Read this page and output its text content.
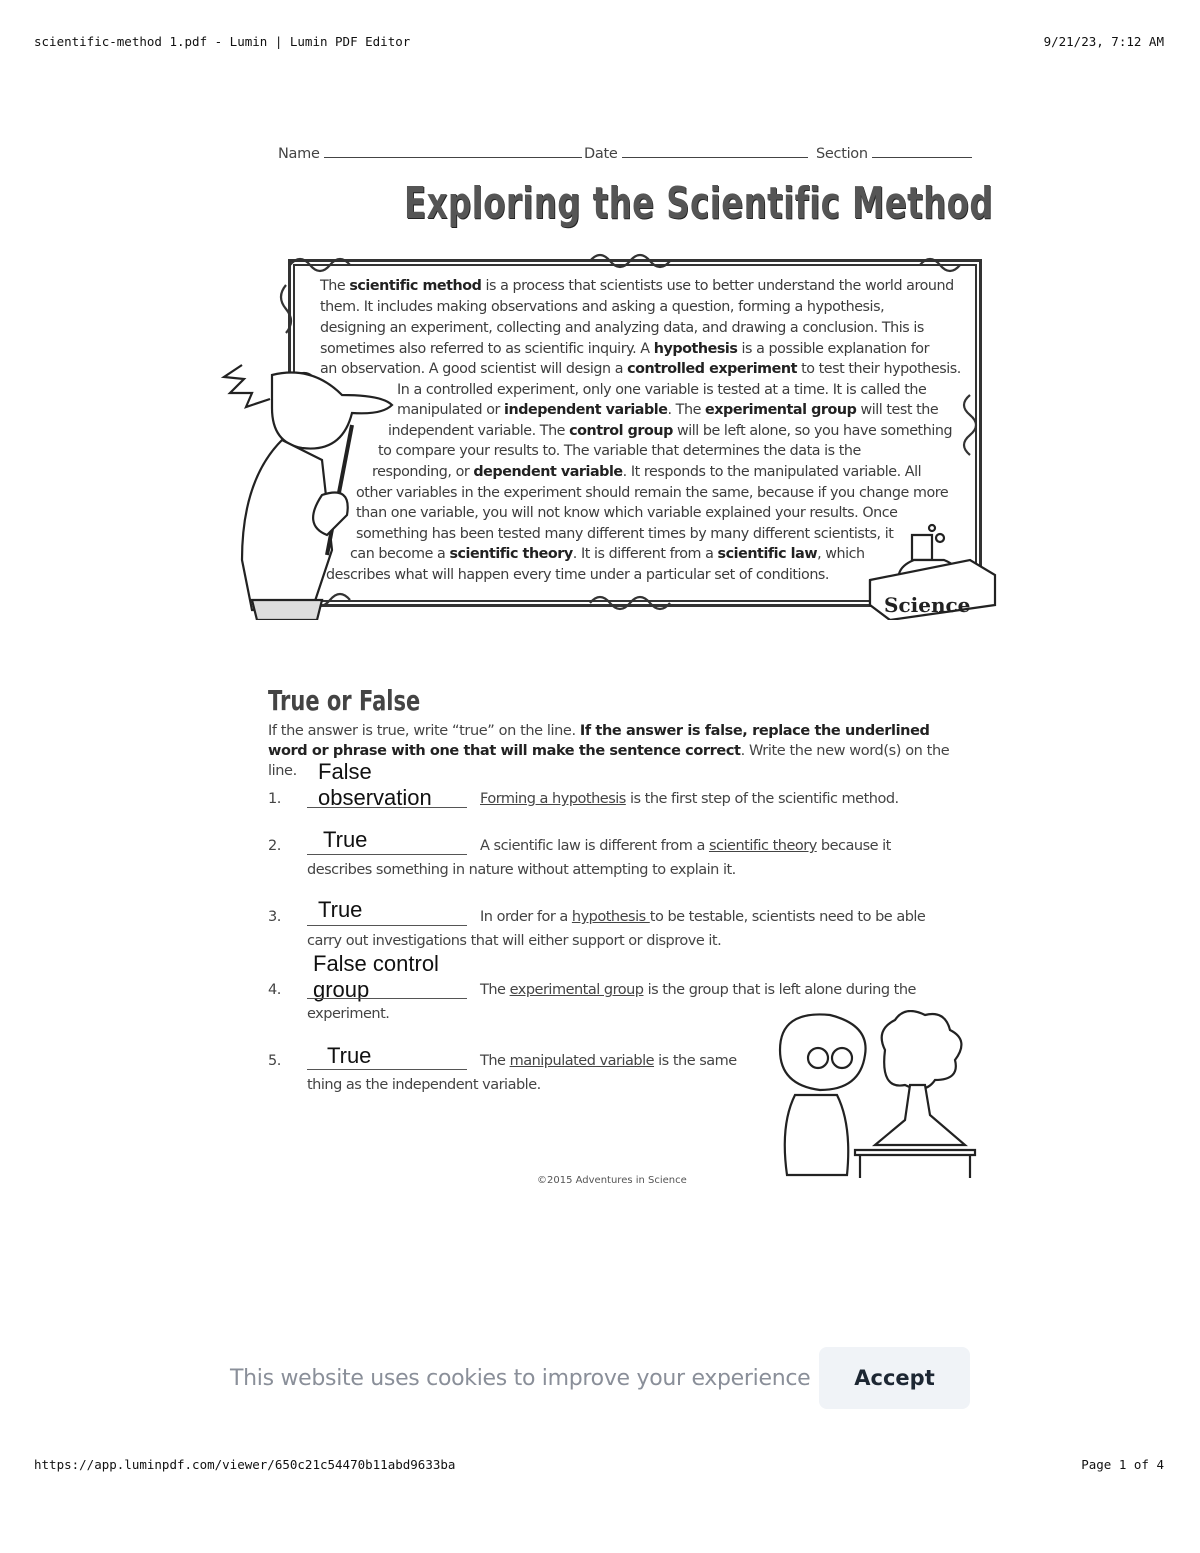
scientific-method 1.pdf - Lumin | Lumin PDF Editor	9/21/23, 7:12 AM
Name	Date	Section
Exploring the Scientific Method
The scientific method is a process that scientists use to better understand the world around
them. It includes making observations and asking a question, forming a hypothesis,
designing an experiment, collecting and analyzing data, and drawing a conclusion. This is
sometimes also referred to as scientific inquiry. A hypothesis is a possible explanation for
an observation. A good scientist will design a controlled experiment to test their hypothesis.
In a controlled experiment, only one variable is tested at a time. It is called the
manipulated or independent variable. The experimental group will test the
independent variable. The control group will be left alone, so you have something
to compare your results to. The variable that determines the data is the
responding, or dependent variable. It responds to the manipulated variable. All
other variables in the experiment should remain the same, because if you change more
than one variable, you will not know which variable explained your results. Once
something has been tested many different times by many different scientists, it
can become a scientific theory. It is different from a scientific law, which
describes what will happen every time under a particular set of conditions.
Science
True or False
If the answer is true, write “true” on the line. If the answer is false, replace the underlined word or phrase with one that will make the sentence correct. Write the new word(s) on the line.
1.
False
observation	Forming a hypothesis is the first step of the scientific method.
2. True	A scientific law is different from a scientific theory because it
describes something in nature without attempting to explain it.
3. True	In order for a hypothesis to be testable, scientists need to be able
carry out investigations that will either support or disprove it.
4.
False control
group	The experimental group is the group that is left alone during the
experiment.
5. True	The manipulated variable is the same
thing as the independent variable.
©2015 Adventures in Science
This website uses cookies to improve your experience	Accept
https://app.luminpdf.com/viewer/650c21c54470b11abd9633ba	Page 1 of 4
